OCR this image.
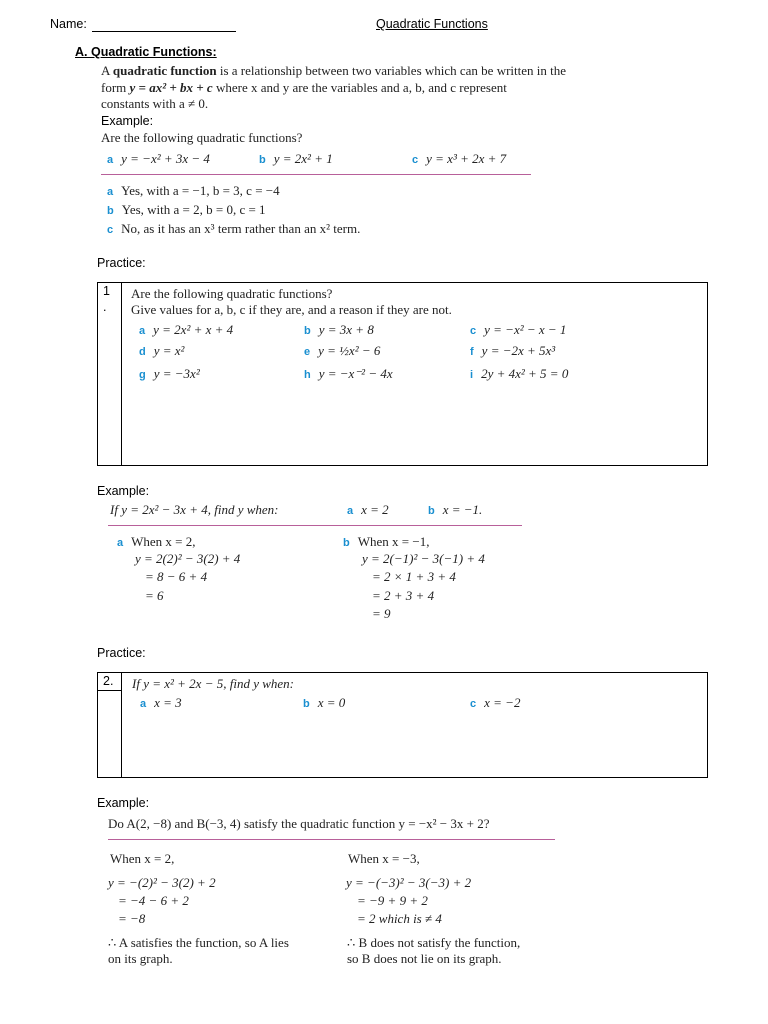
Name:	Quadratic Functions
A. Quadratic Functions:
A quadratic function is a relationship between two variables which can be written in the
form y = ax² + bx + c where x and y are the variables and a, b, and c represent
constants with a ≠ 0.
Example:
Are the following quadratic functions?
a y = −x² + 3x − 4	b y = 2x² + 1	c y = x³ + 2x + 7
a Yes, with a = −1, b = 3, c = −4
b Yes, with a = 2, b = 0, c = 1
c No, as it has an x³ term rather than an x² term.
Practice:
1
.
Are the following quadratic functions?
Give values for a, b, c if they are, and a reason if they are not.
a y = 2x² + x + 4	b y = 3x + 8	c y = −x² − x − 1
d y = x²	e y = ½x² − 6	f y = −2x + 5x³
g y = −3x²	h y = −x⁻² − 4x	i 2y + 4x² + 5 = 0
Example:
If y = 2x² − 3x + 4, find y when:	a x = 2	b x = −1.
a When x = 2,
y = 2(2)² − 3(2) + 4
= 8 − 6 + 4
= 6
b When x = −1,
y = 2(−1)² − 3(−1) + 4
= 2 × 1 + 3 + 4
= 2 + 3 + 4
= 9
Practice:
2. If y = x² + 2x − 5, find y when:
a x = 3	b x = 0	c x = −2
Example:
Do A(2, −8) and B(−3, 4) satisfy the quadratic function y = −x² − 3x + 2?
When x = 2,
y = −(2)² − 3(2) + 2
= −4 − 6 + 2
= −8
When x = −3,
y = −(−3)² − 3(−3) + 2
= −9 + 9 + 2
= 2 which is ≠ 4
∴ A satisfies the function, so A lies
on its graph.
∴ B does not satisfy the function,
so B does not lie on its graph.
